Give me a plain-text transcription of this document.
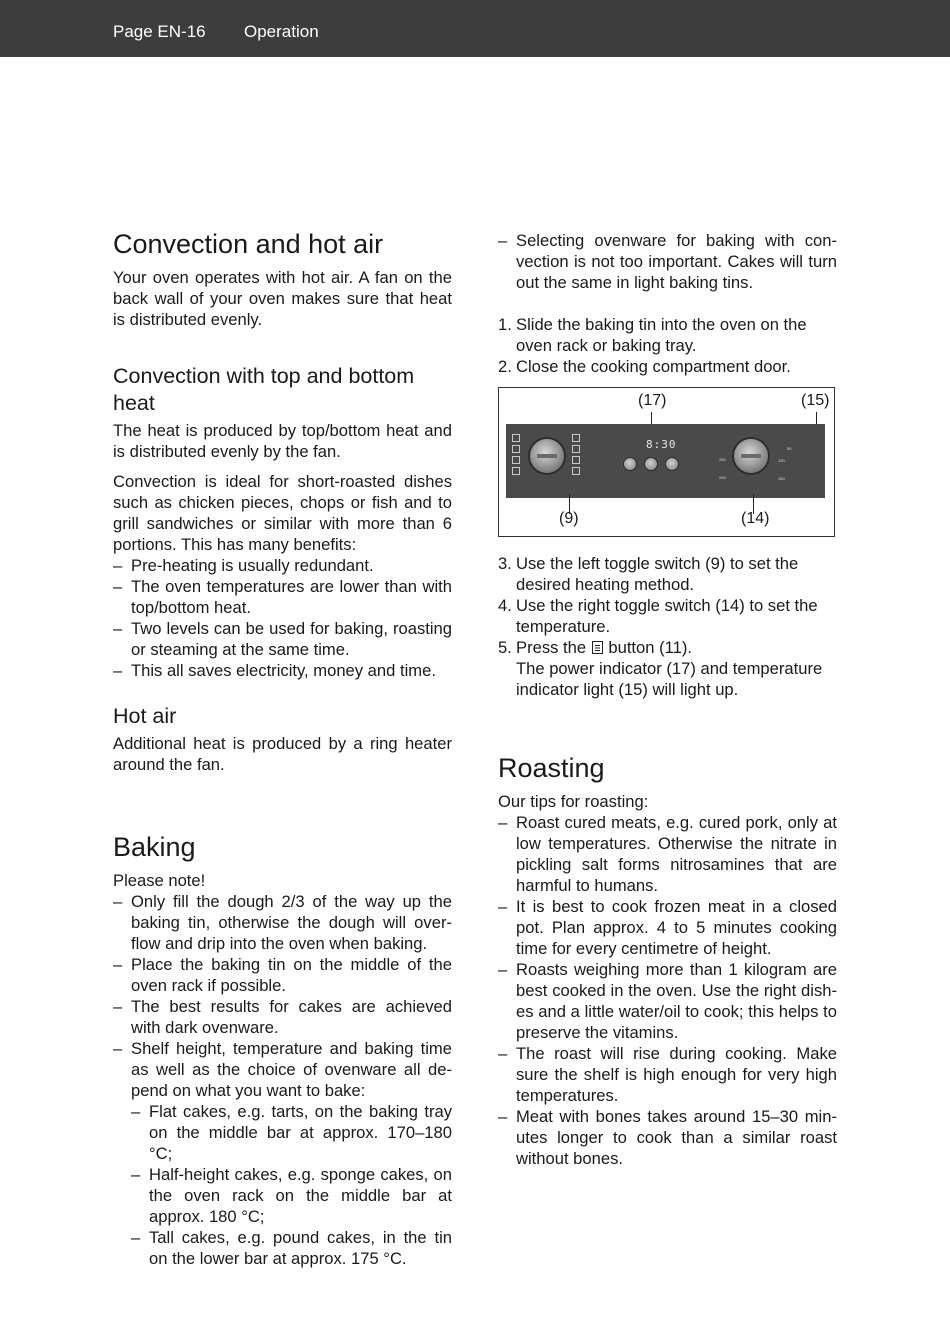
Page EN-16 Operation
Convection and hot air

Your oven operates with hot air. A fan on the back wall of your oven makes sure that heat is distributed evenly.

Convection with top and bottom heat

The heat is produced by top/bottom heat and is distributed evenly by the fan.

Convection is ideal for short-roasted dishes such as chicken pieces, chops or fish and to grill sandwiches or similar with more than 6 portions. This has many benefits:

– Pre-heating is usually redundant.
– The oven temperatures are lower than with top/bottom heat.
– Two levels can be used for baking, roasting or steaming at the same time.
– This all saves electricity, money and time.
Hot air

Additional heat is produced by a ring heater around the fan.

Baking

Please note!

– Only fill the dough 2/3 of the way up the baking tin, otherwise the dough will over-flow and drip into the oven when baking.
– Place the baking tin on the middle of the oven rack if possible.
– The best results for cakes are achieved with dark ovenware.
– Shelf height, temperature and baking time as well as the choice of ovenware all de-pend on what you want to bake:
– Flat cakes, e.g. tarts, on the baking tray on the middle bar at approx. 170–180 °C;
– Half-height cakes, e.g. sponge cakes, on the oven rack on the middle bar at approx. 180 °C;
– Tall cakes, e.g. pound cakes, in the tin on the lower bar at approx. 175 °C.
– Selecting ovenware for baking with con-vection is not too important. Cakes will turn out the same in light baking tins.
1. Slide the baking tin into the oven on the oven rack or baking tray.
2. Close the cooking compartment door.
(17)	(15)
8:30	50
100
150
200
250
(9)	(14)
3. Use the left toggle switch (9) to set the desired heating method.
4. Use the right toggle switch (14) to set the temperature.
5. Press the button (11).
The power indicator (17) and temperature indicator light (15) will light up.
Roasting

Our tips for roasting:

– Roast cured meats, e.g. cured pork, only at low temperatures. Otherwise the nitrate in pickling salt forms nitrosamines that are harmful to humans.
– It is best to cook frozen meat in a closed pot. Plan approx. 4 to 5 minutes cooking time for every centimetre of height.
– Roasts weighing more than 1 kilogram are best cooked in the oven. Use the right dish-es and a little water/oil to cook; this helps to preserve the vitamins.
– The roast will rise during cooking. Make sure the shelf is high enough for very high temperatures.
– Meat with bones takes around 15–30 min-utes longer to cook than a similar roast without bones.
